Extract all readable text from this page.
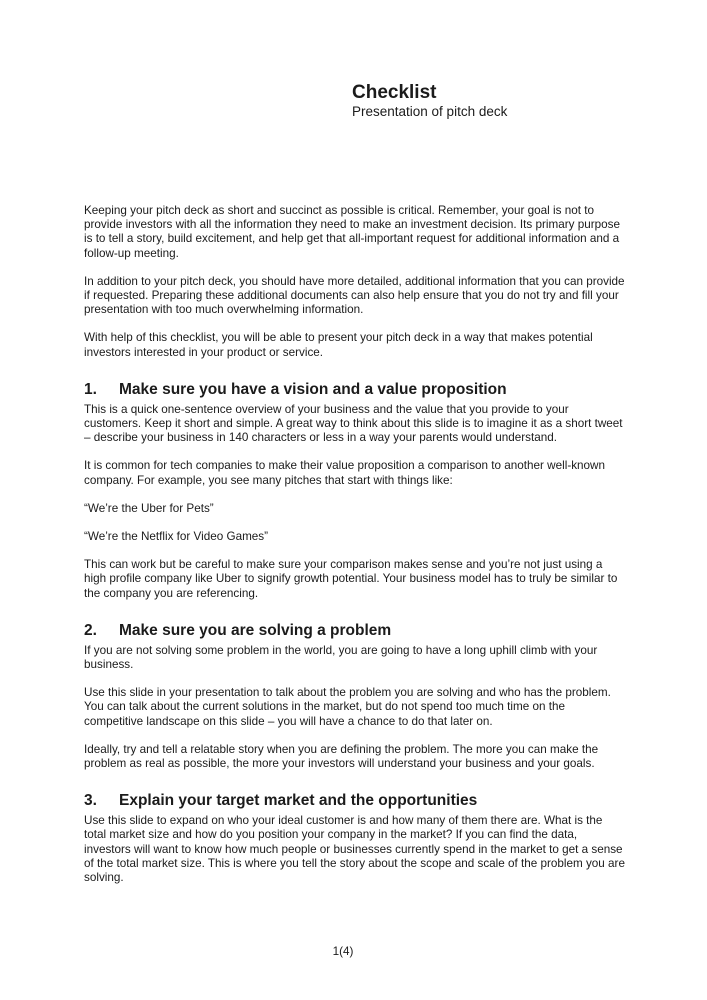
Checklist

Presentation of pitch deck

Keeping your pitch deck as short and succinct as possible is critical. Remember, your goal is not to provide investors with all the information they need to make an investment decision. Its primary purpose is to tell a story, build excitement, and help get that all-important request for additional information and a follow-up meeting.

In addition to your pitch deck, you should have more detailed, additional information that you can provide if requested. Preparing these additional documents can also help ensure that you do not try and fill your presentation with too much overwhelming information.

With help of this checklist, you will be able to present your pitch deck in a way that makes potential investors interested in your product or service.

1.	Make sure you have a vision and a value proposition

This is a quick one-sentence overview of your business and the value that you provide to your customers. Keep it short and simple. A great way to think about this slide is to imagine it as a short tweet – describe your business in 140 characters or less in a way your parents would understand.

It is common for tech companies to make their value proposition a comparison to another well-known company. For example, you see many pitches that start with things like:

“We’re the Uber for Pets”

“We’re the Netflix for Video Games”

This can work but be careful to make sure your comparison makes sense and you’re not just using a high profile company like Uber to signify growth potential. Your business model has to truly be similar to the company you are referencing.

2.	Make sure you are solving a problem

If you are not solving some problem in the world, you are going to have a long uphill climb with your business.

Use this slide in your presentation to talk about the problem you are solving and who has the problem. You can talk about the current solutions in the market, but do not spend too much time on the competitive landscape on this slide – you will have a chance to do that later on.

Ideally, try and tell a relatable story when you are defining the problem. The more you can make the problem as real as possible, the more your investors will understand your business and your goals.

3.	Explain your target market and the opportunities

Use this slide to expand on who your ideal customer is and how many of them there are. What is the total market size and how do you position your company in the market? If you can find the data, investors will want to know how much people or businesses currently spend in the market to get a sense of the total market size. This is where you tell the story about the scope and scale of the problem you are solving.

1(4)
